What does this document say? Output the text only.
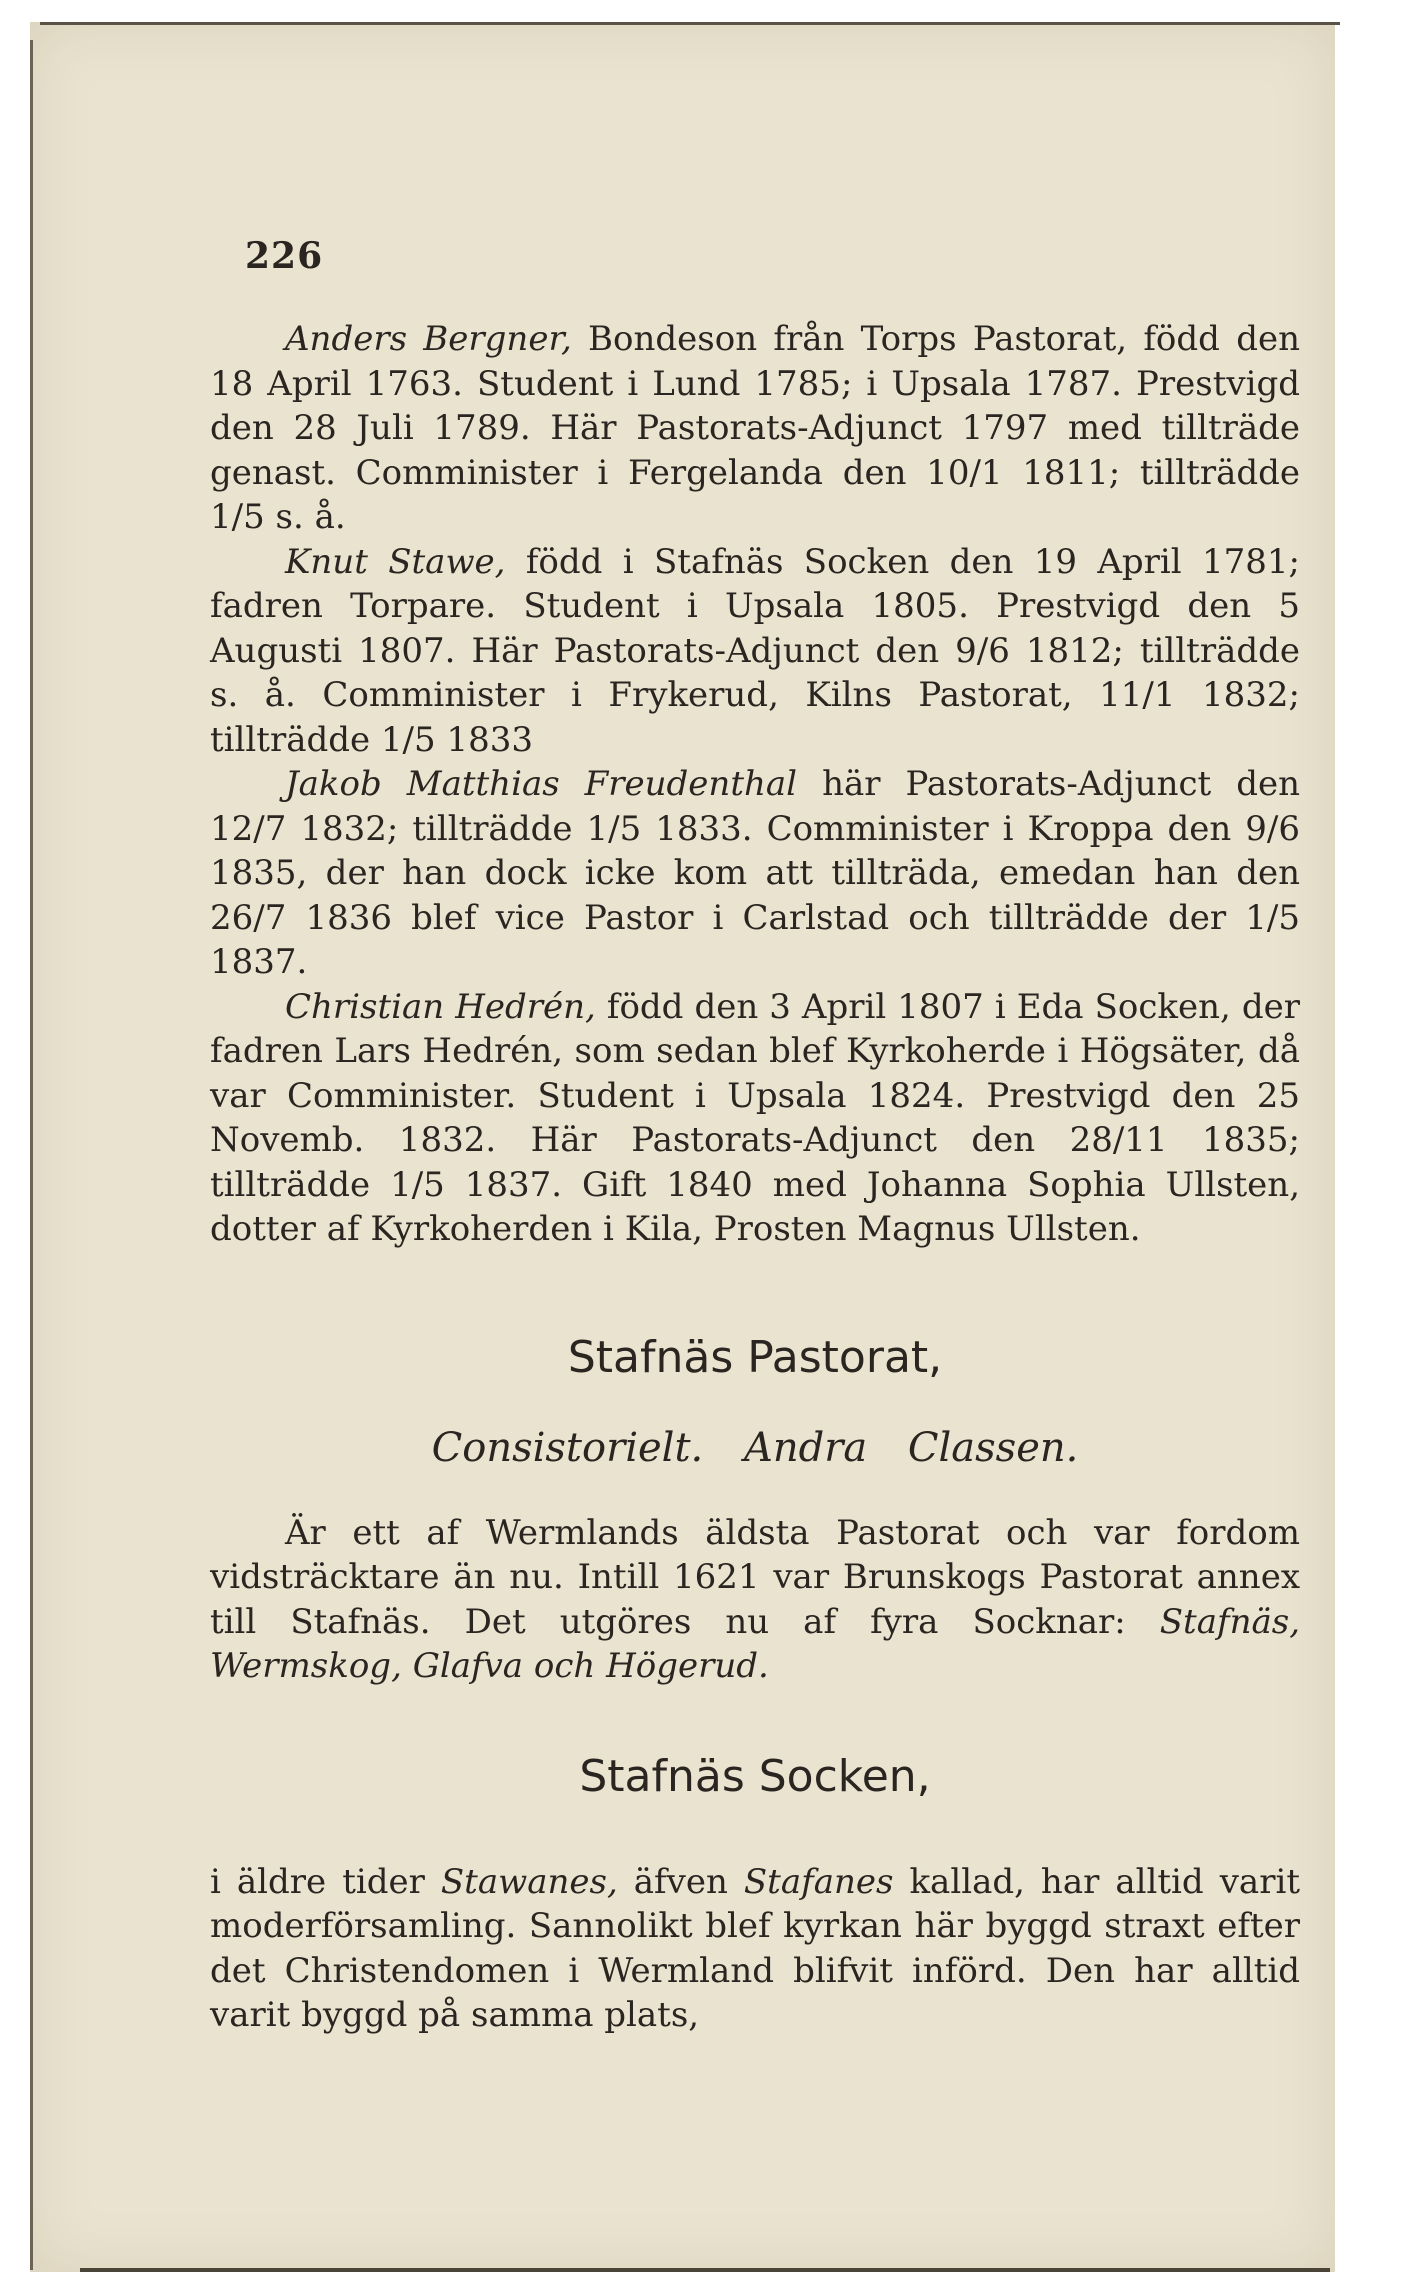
226

Anders Bergner, Bondeson från Torps Pastorat, född den 18 April 1763. Student i Lund 1785; i Upsala 1787. Prestvigd den 28 Juli 1789. Här Pastorats-Adjunct 1797 med tillträde genast. Comminister i Fergelanda den 10/1 1811; tillträdde 1/5 s. å.

Knut Stawe, född i Stafnäs Socken den 19 April 1781; fadren Torpare. Student i Upsala 1805. Prestvigd den 5 Augusti 1807. Här Pastorats-Adjunct den 9/6 1812; tillträdde s. å. Comminister i Frykerud, Kilns Pastorat, 11/1 1832; tillträdde 1/5 1833

Jakob Matthias Freudenthal här Pastorats-Adjunct den 12/7 1832; tillträdde 1/5 1833. Comminister i Kroppa den 9/6 1835, der han dock icke kom att tillträda, emedan han den 26/7 1836 blef vice Pastor i Carlstad och tillträdde der 1/5 1837.

Christian Hedrén, född den 3 April 1807 i Eda Socken, der fadren Lars Hedrén, som sedan blef Kyrkoherde i Högsäter, då var Comminister. Student i Upsala 1824. Prestvigd den 25 Novemb. 1832. Här Pastorats-Adjunct den 28/11 1835; tillträdde 1/5 1837. Gift 1840 med Johanna Sophia Ullsten, dotter af Kyrkoherden i Kila, Prosten Magnus Ullsten.

Stafnäs Pastorat,
Consistorielt. Andra Classen.

Är ett af Wermlands äldsta Pastorat och var fordom vidsträcktare än nu. Intill 1621 var Brunskogs Pastorat annex till Stafnäs. Det utgöres nu af fyra Socknar: Stafnäs, Wermskog, Glafva och Högerud.

Stafnäs Socken,

i äldre tider Stawanes, äfven Stafanes kallad, har alltid varit moderförsamling. Sannolikt blef kyrkan här byggd straxt efter det Christendomen i Wermland blifvit införd. Den har alltid varit byggd på samma plats,
